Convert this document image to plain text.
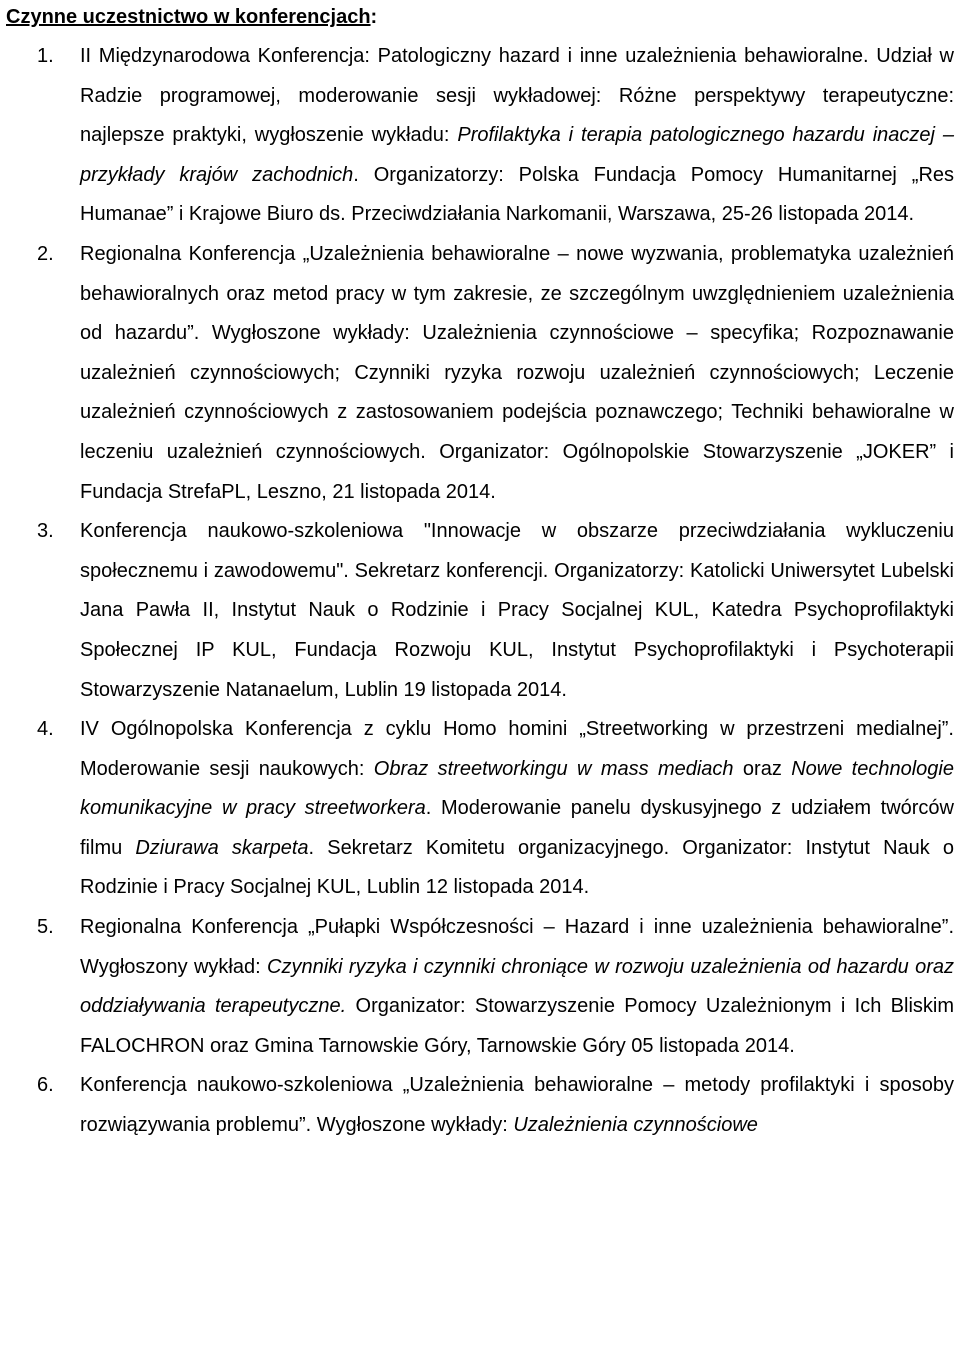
Czynne uczestnictwo w konferencjach:
1. II Międzynarodowa Konferencja: Patologiczny hazard i inne uzależnienia behawioralne. Udział w Radzie programowej, moderowanie sesji wykładowej: Różne perspektywy terapeutyczne: najlepsze praktyki, wygłoszenie wykładu: Profilaktyka i terapia patologicznego hazardu inaczej – przykłady krajów zachodnich. Organizatorzy: Polska Fundacja Pomocy Humanitarnej „Res Humanae” i Krajowe Biuro ds. Przeciwdziałania Narkomanii, Warszawa, 25-26 listopada 2014.
2. Regionalna Konferencja „Uzależnienia behawioralne – nowe wyzwania, problematyka uzależnień behawioralnych oraz metod pracy w tym zakresie, ze szczególnym uwzględnieniem uzależnienia od hazardu”. Wygłoszone wykłady: Uzależnienia czynnościowe – specyfika; Rozpoznawanie uzależnień czynnościowych; Czynniki ryzyka rozwoju uzależnień czynnościowych; Leczenie uzależnień czynnościowych z zastosowaniem podejścia poznawczego; Techniki behawioralne w leczeniu uzależnień czynnościowych. Organizator: Ogólnopolskie Stowarzyszenie „JOKER” i Fundacja StrefaPL, Leszno, 21 listopada 2014.
3. Konferencja naukowo-szkoleniowa "Innowacje w obszarze przeciwdziałania wykluczeniu społecznemu i zawodowemu". Sekretarz konferencji. Organizatorzy: Katolicki Uniwersytet Lubelski Jana Pawła II, Instytut Nauk o Rodzinie i Pracy Socjalnej KUL, Katedra Psychoprofilaktyki Społecznej IP KUL, Fundacja Rozwoju KUL, Instytut Psychoprofilaktyki i Psychoterapii Stowarzyszenie Natanaelum, Lublin 19 listopada 2014.
4. IV Ogólnopolska Konferencja z cyklu Homo homini „Streetworking w przestrzeni medialnej”. Moderowanie sesji naukowych: Obraz streetworkingu w mass mediach oraz Nowe technologie komunikacyjne w pracy streetworkera. Moderowanie panelu dyskusyjnego z udziałem twórców filmu Dziurawa skarpeta. Sekretarz Komitetu organizacyjnego. Organizator: Instytut Nauk o Rodzinie i Pracy Socjalnej KUL, Lublin 12 listopada 2014.
5. Regionalna Konferencja „Pułapki Współczesności – Hazard i inne uzależnienia behawioralne”. Wygłoszony wykład: Czynniki ryzyka i czynniki chroniące w rozwoju uzależnienia od hazardu oraz oddziaływania terapeutyczne. Organizator: Stowarzyszenie Pomocy Uzależnionym i Ich Bliskim FALOCHRON oraz Gmina Tarnowskie Góry, Tarnowskie Góry 05 listopada 2014.
6. Konferencja naukowo-szkoleniowa „Uzależnienia behawioralne – metody profilaktyki i sposoby rozwiązywania problemu”. Wygłoszone wykłady: Uzależnienia czynnościowe
